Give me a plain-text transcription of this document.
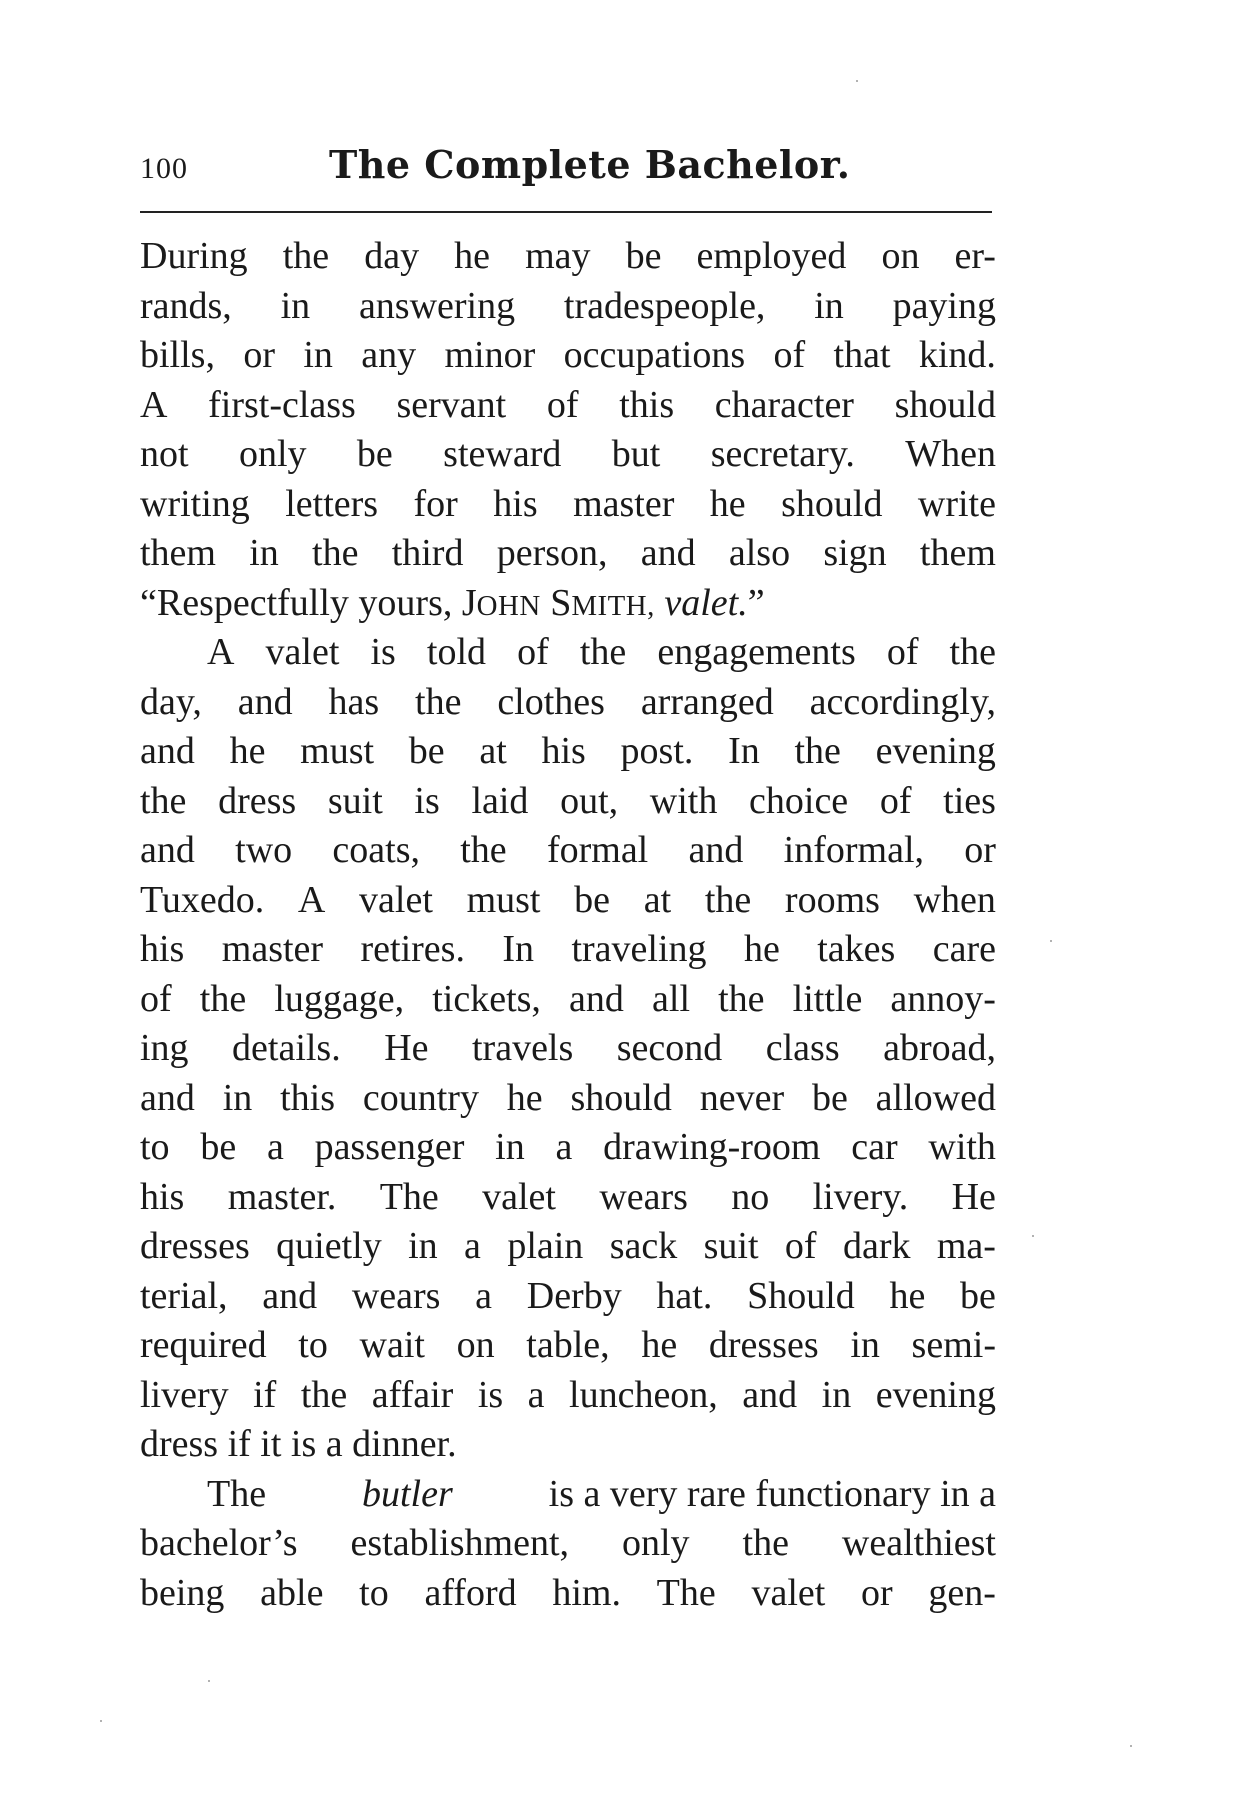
100	The Complete Bachelor.
During the day he may be employed on er-
rands, in answering tradespeople, in paying
bills, or in any minor occupations of that kind.
A first-class servant of this character should
not only be steward but secretary. When
writing letters for his master he should write
them in the third person, and also sign them
“Respectfully yours,
JOHN SMITH,
valet. ”
A valet is told of the engagements of the
day, and has the clothes arranged accordingly,
and he must be at his post. In the evening
the dress suit is laid out, with choice of ties
and two coats, the formal and informal, or
Tuxedo. A valet must be at the rooms when
his master retires. In traveling he takes care
of the luggage, tickets, and all the little annoy-
ing details. He travels second class abroad,
and in this country he should never be allowed
to be a passenger in a drawing-room car with
his master. The valet wears no livery. He
dresses quietly in a plain sack suit of dark ma-
terial, and wears a Derby hat. Should he be
required to wait on table, he dresses in semi-
livery if the affair is a luncheon, and in evening
dress if it is a dinner.
The	butler	is a very rare functionary in a
bachelor’s establishment, only the wealthiest
being able to afford him. The valet or gen-
